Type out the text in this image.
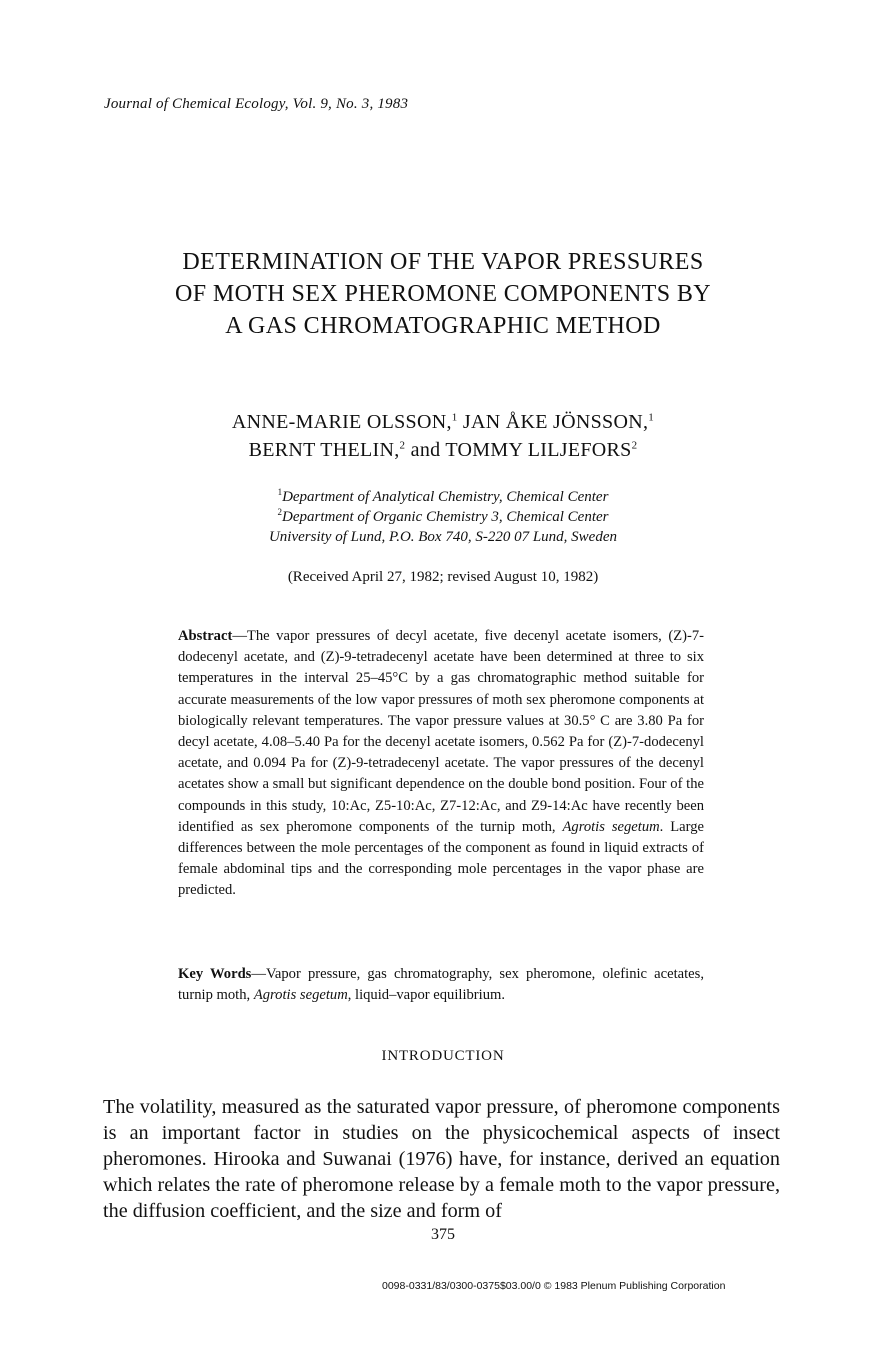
Journal of Chemical Ecology, Vol. 9, No. 3, 1983
DETERMINATION OF THE VAPOR PRESSURES
OF MOTH SEX PHEROMONE COMPONENTS BY
A GAS CHROMATOGRAPHIC METHOD
ANNE-MARIE OLSSON,$^1$ JAN ÅKE JÖNSSON,$^1$
BERNT THELIN,$^2$ and TOMMY LILJEFORS$^2$
$^1$Department of Analytical Chemistry, Chemical Center
$^2$Department of Organic Chemistry 3, Chemical Center
University of Lund, P.O. Box 740, S-220 07 Lund, Sweden
(Received April 27, 1982; revised August 10, 1982)
Abstract—The vapor pressures of decyl acetate, five decenyl acetate isomers, (Z)-7-dodecenyl acetate, and (Z)-9-tetradecenyl acetate have been determined at three to six temperatures in the interval 25–45°C by a gas chromatographic method suitable for accurate measurements of the low vapor pressures of moth sex pheromone components at biologically relevant temperatures. The vapor pressure values at 30.5° C are 3.80 Pa for decyl acetate, 4.08–5.40 Pa for the decenyl acetate isomers, 0.562 Pa for (Z)-7-dodecenyl acetate, and 0.094 Pa for (Z)-9-tetradecenyl acetate. The vapor pressures of the decenyl acetates show a small but significant dependence on the double bond position. Four of the compounds in this study, 10:Ac, Z5-10:Ac, Z7-12:Ac, and Z9-14:Ac have recently been identified as sex pheromone components of the turnip moth, Agrotis segetum. Large differences between the mole percentages of the component as found in liquid extracts of female abdominal tips and the corresponding mole percentages in the vapor phase are predicted.
Key Words—Vapor pressure, gas chromatography, sex pheromone, olefinic acetates, turnip moth, Agrotis segetum, liquid–vapor equilibrium.
INTRODUCTION
The volatility, measured as the saturated vapor pressure, of pheromone components is an important factor in studies on the physicochemical aspects of insect pheromones. Hirooka and Suwanai (1976) have, for instance, derived an equation which relates the rate of pheromone release by a female moth to the vapor pressure, the diffusion coefficient, and the size and form of
375
0098-0331/83/0300-0375$03.00/0 © 1983 Plenum Publishing Corporation
